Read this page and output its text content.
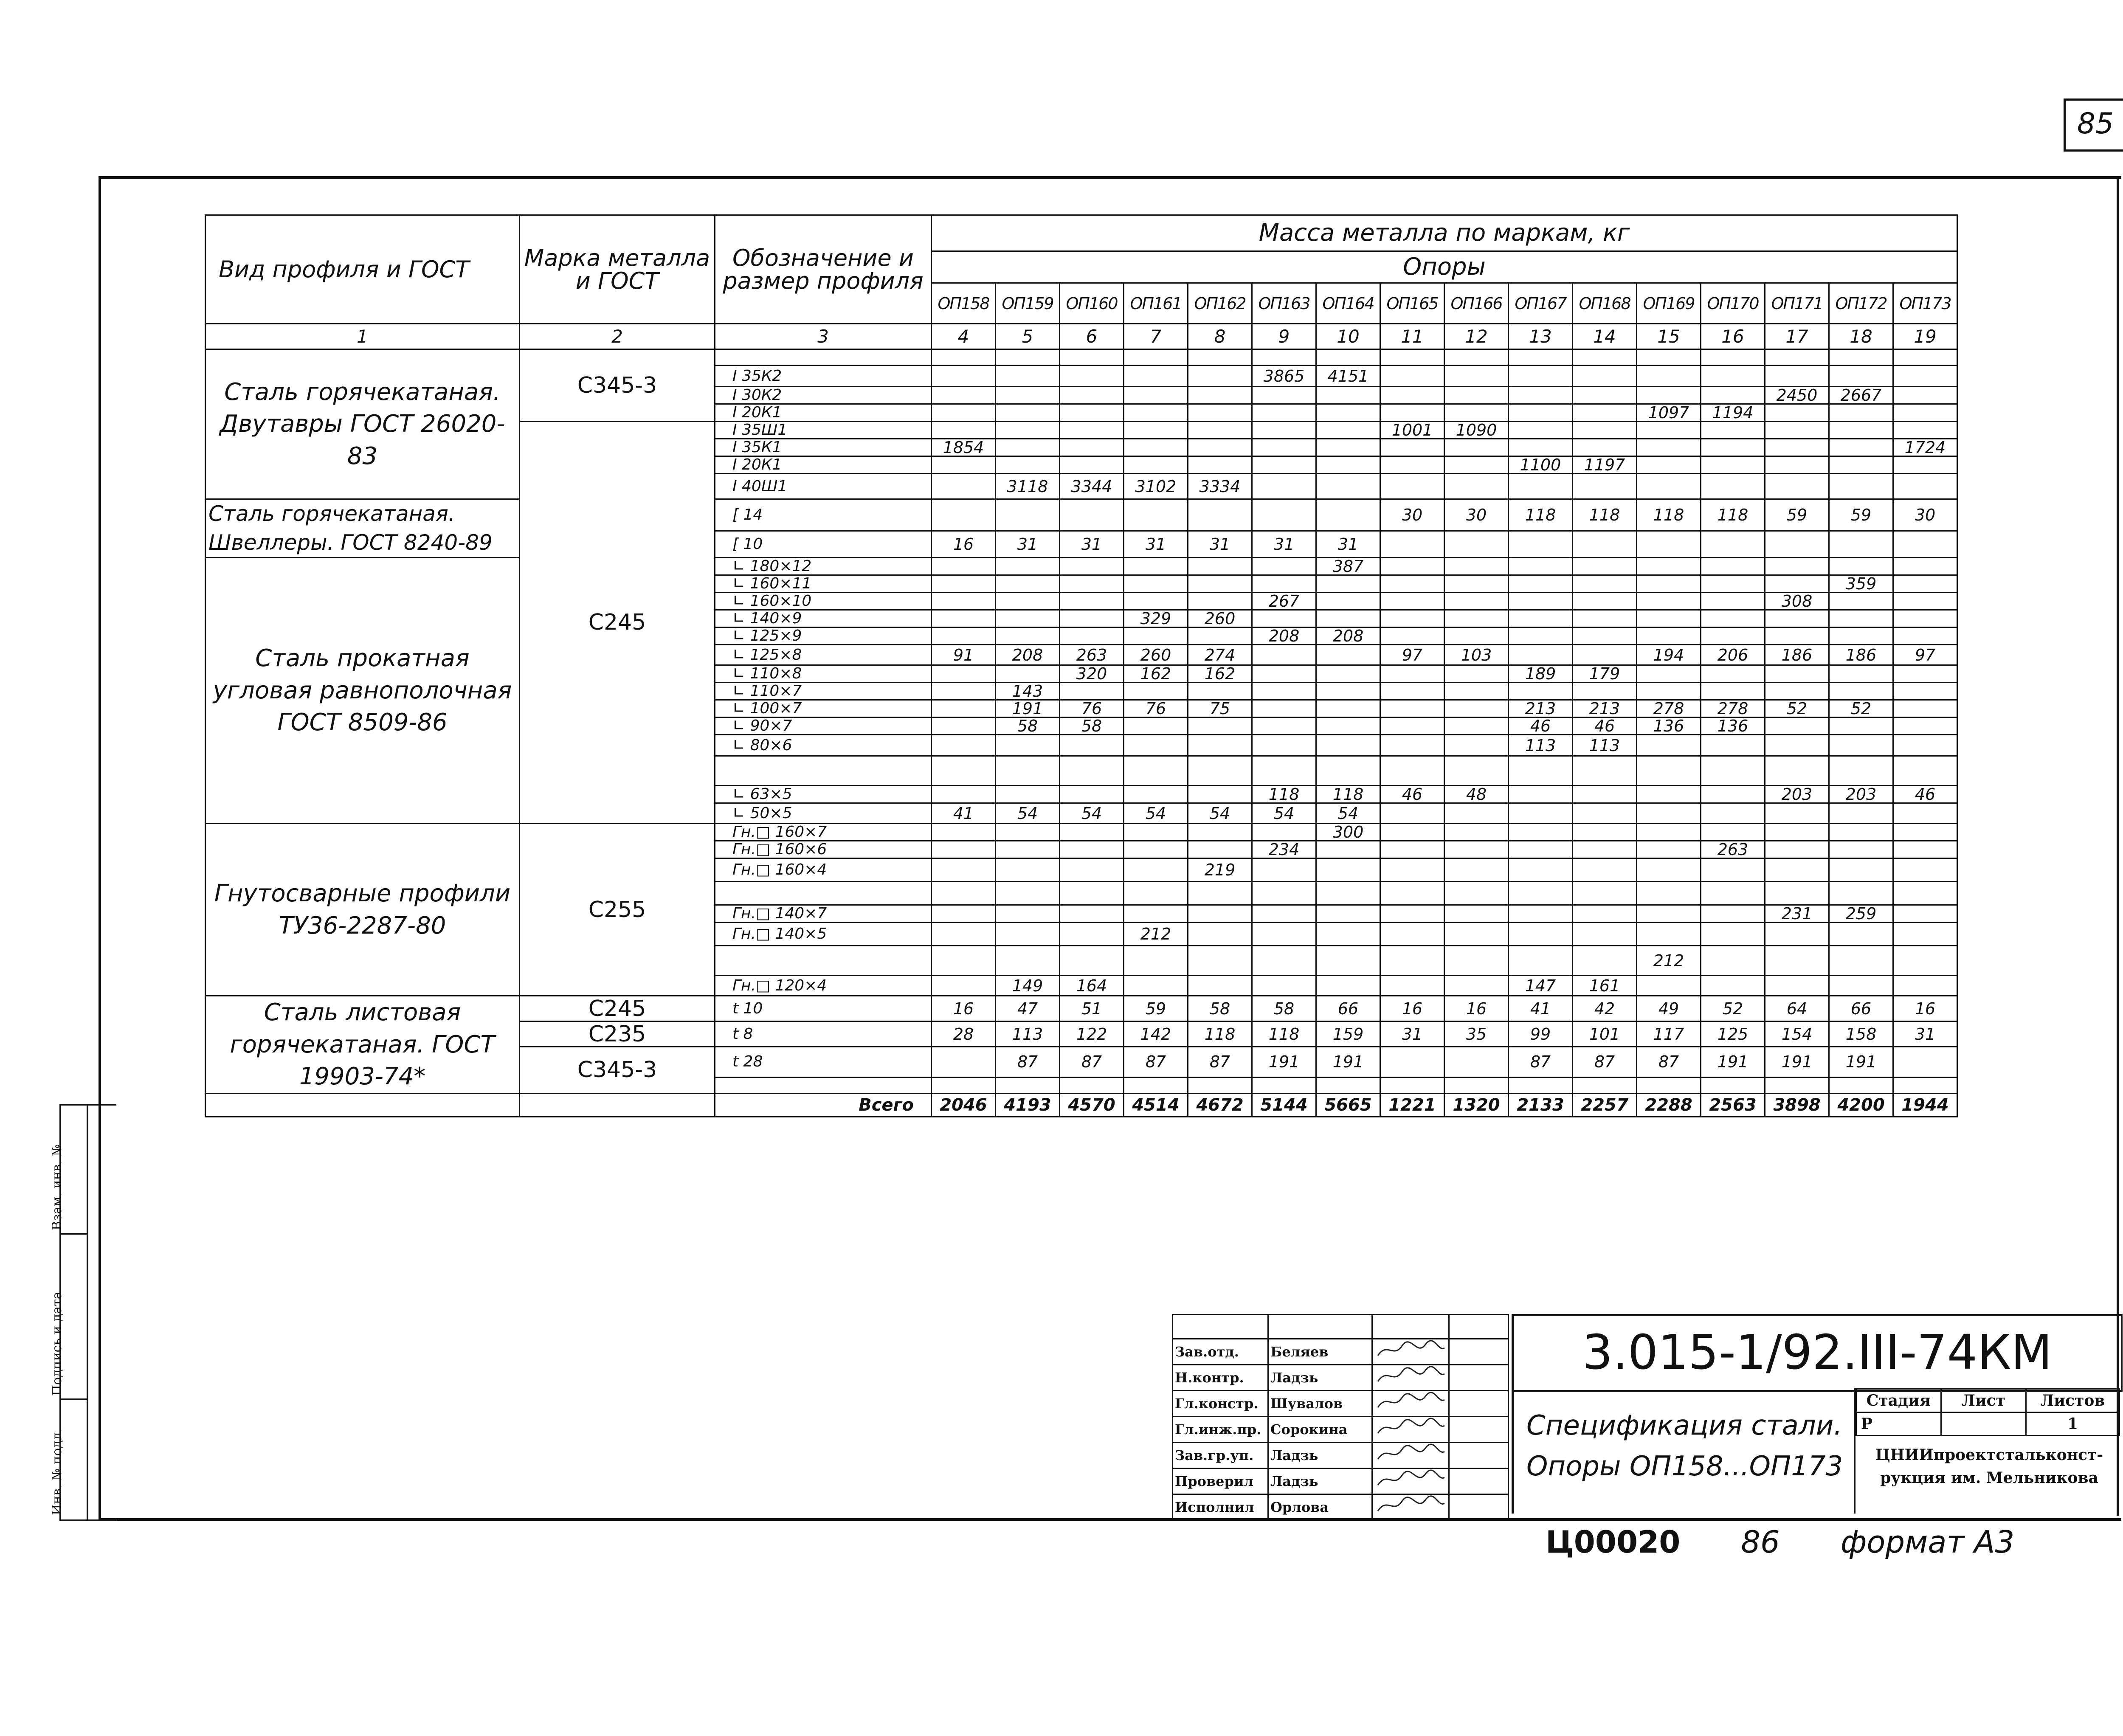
85
Вид профиля и ГОСТ	Марка металла и ГОСТ	Обозначение и размер профиля	Масса металла по маркам, кг															
			Опоры															
			ОП158	ОП159	ОП160	ОП161	ОП162	ОП163	ОП164	ОП165	ОП166	ОП167	ОП168	ОП169	ОП170	ОП171	ОП172	ОП173
1	2	3	4	5	6	7	8	9	10	11	12	13	14	15	16	17	18	19
Сталь горячекатаная. Двутавры ГОСТ 26020-83	С345-3																	
		I 35К2						3865	4151									
		I 30К2														2450	2667	
		I 20К1												1097	1194			
	С245	I 35Ш1								1001	1090							
		I 35К1	1854															1724
		I 20К1										1100	1197					
		I 40Ш1		3118	3344	3102	3334											
Сталь горячекатаная. Швеллеры. ГОСТ 8240-89		[ 14								30	30	118	118	118	118	59	59	30
		[ 10	16	31	31	31	31	31	31									
Сталь прокатная угловая равнополочная ГОСТ 8509-86		∟ 180×12							387									
		∟ 160×11															359	
		∟ 160×10						267								308		
		∟ 140×9				329	260											
		∟ 125×9						208	208									
		∟ 125×8	91	208	263	260	274			97	103			194	206	186	186	97
		∟ 110×8			320	162	162					189	179					
		∟ 110×7		143														
		∟ 100×7		191	76	76	75					213	213	278	278	52	52	
		∟ 90×7		58	58							46	46	136	136			
		∟ 80×6										113	113					

		∟ 63×5						118	118	46	48					203	203	46
		∟ 50×5	41	54	54	54	54	54	54									
Гнутосварные профили ТУ36-2287-80	С255	Гн.□ 160×7							300									
		Гн.□ 160×6						234							263			
		Гн.□ 160×4					219											

		Гн.□ 140×7														231	259	
		Гн.□ 140×5				212												
														212				
		Гн.□ 120×4		149	164							147	161					
Сталь листовая горячекатаная. ГОСТ 19903-74*	С245	t 10	16	47	51	59	58	58	66	16	16	41	42	49	52	64	66	16
	С235	t 8	28	113	122	142	118	118	159	31	35	99	101	117	125	154	158	31
	С345-3	t 28		87	87	87	87	191	191			87	87	87	191	191	191	

		Всего	2046	4193	4570	4514	4672	5144	5665	1221	1320	2133	2257	2288	2563	3898	4200	1944
Взам. инв. №
Подпись и дата
Инв. № подл.

Зав.отд.	Беляев		
Н.контр.	Ладзь		
Гл.констр.	Шувалов		
Гл.инж.пр.	Сорокина		
Зав.гр.уп.	Ладзь		
Проверил	Ладзь		
Исполнил	Орлова		
3.015-1/92.III-74КМ
Спецификация стали.
Опоры ОП158...ОП173
Стадия	Лист	Листов
Р		1
ЦНИИпроектстальконст-
рукция им. Мельникова
Ц00020 86 формат А3
